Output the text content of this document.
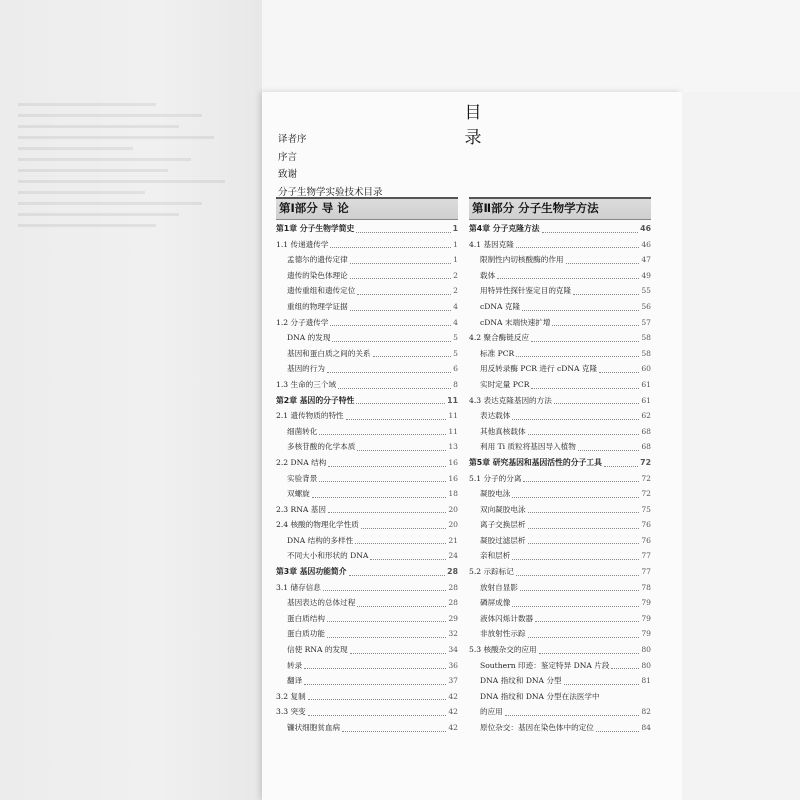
目 录
译者序
序言
致谢
分子生物学实验技术目录
第Ⅰ部分 导 论
第1章 分子生物学简史	1
1.1 传递遗传学	1
孟德尔的遗传定律	1
遗传的染色体理论	2
遗传重组和遗传定位	2
重组的物理学证据	4
1.2 分子遗传学	4
DNA 的发现	5
基因和蛋白质之间的关系	5
基因的行为	6
1.3 生命的三个域	8
第2章 基因的分子特性	11
2.1 遗传物质的特性	11
细菌转化	11
多核苷酸的化学本质	13
2.2 DNA 结构	16
实验背景	16
双螺旋	18
2.3 RNA 基因	20
2.4 核酸的物理化学性质	20
DNA 结构的多样性	21
不同大小和形状的 DNA	24
第3章 基因功能简介	28
3.1 储存信息	28
基因表达的总体过程	28
蛋白质结构	29
蛋白质功能	32
信使 RNA 的发现	34
转录	36
翻译	37
3.2 复制	42
3.3 突变	42
镰状细胞贫血病	42
第Ⅱ部分 分子生物学方法
第4章 分子克隆方法	46
4.1 基因克隆	46
限制性内切核酸酶的作用	47
载体	49
用特异性探针鉴定目的克隆	55
cDNA 克隆	56
cDNA 末端快速扩增	57
4.2 聚合酶链反应	58
标准 PCR	58
用反转录酶 PCR 进行 cDNA 克隆	60
实时定量 PCR	61
4.3 表达克隆基因的方法	61
表达载体	62
其他真核载体	68
利用 Ti 质粒将基因导入植物	68
第5章 研究基因和基因活性的分子工具	72
5.1 分子的分离	72
凝胶电泳	72
双向凝胶电泳	75
离子交换层析	76
凝胶过滤层析	76
亲和层析	77
5.2 示踪标记	77
放射自显影	78
磷屏成像	79
液体闪烁计数器	79
非放射性示踪	79
5.3 核酸杂交的应用	80
Southern 印迹：鉴定特异 DNA 片段	80
DNA 指纹和 DNA 分型	81
DNA 指纹和 DNA 分型在法医学中
的应用	82
原位杂交：基因在染色体中的定位	84
